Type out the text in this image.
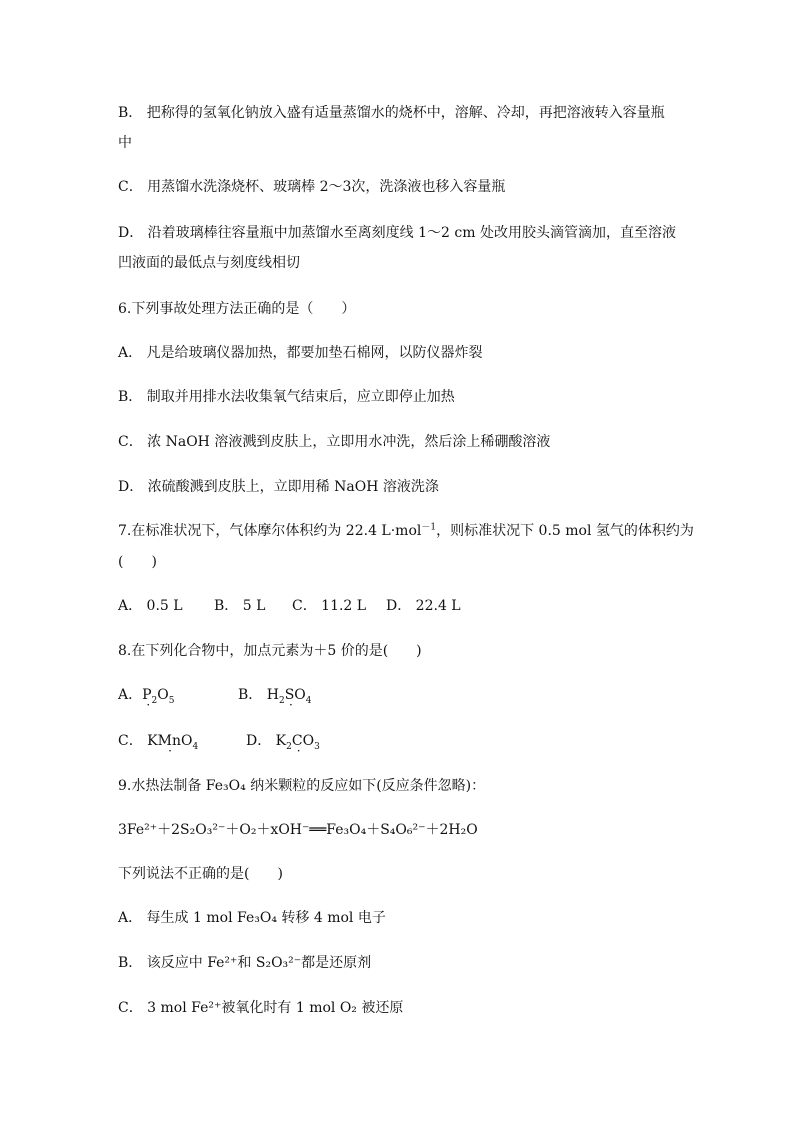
B． 把称得的氢氧化钠放入盛有适量蒸馏水的烧杯中，溶解、冷却，再把溶液转入容量瓶
中
C． 用蒸馏水洗涤烧杯、玻璃棒 2～3次，洗涤液也移入容量瓶
D． 沿着玻璃棒往容量瓶中加蒸馏水至离刻度线 1～2 cm 处改用胶头滴管滴加，直至溶液
凹液面的最低点与刻度线相切
6.下列事故处理方法正确的是（　　）
A． 凡是给玻璃仪器加热，都要加垫石棉网，以防仪器炸裂
B． 制取并用排水法收集氧气结束后，应立即停止加热
C． 浓 NaOH 溶液溅到皮肤上，立即用水冲洗，然后涂上稀硼酸溶液
D． 浓硫酸溅到皮肤上，立即用稀 NaOH 溶液洗涤
7.在标准状况下，气体摩尔体积约为 22.4 L·mol$^{-1}$，则标准状况下 0.5 mol 氢气的体积约为
(　　)
A． 0.5 L B． 5 L C． 11.2 L D． 22.4 L
8.在下列化合物中，加点元素为＋5 价的是(　　)
A．$P \cdot_2O_5$	B． $H_2S \cdot O_4$
C． KMn $\cdot O_4$	D． $K_2C \cdot O_3$
9.水热法制备 Fe₃O₄ 纳米颗粒的反应如下(反应条件忽略)：
3Fe²⁺＋2S₂O₃²⁻＋O₂＋xOH⁻══Fe₃O₄＋S₄O₆²⁻＋2H₂O
下列说法不正确的是(　　)
A． 每生成 1 mol Fe₃O₄ 转移 4 mol 电子
B． 该反应中 Fe²⁺和 S₂O₃²⁻都是还原剂
C． 3 mol Fe²⁺被氧化时有 1 mol O₂ 被还原
